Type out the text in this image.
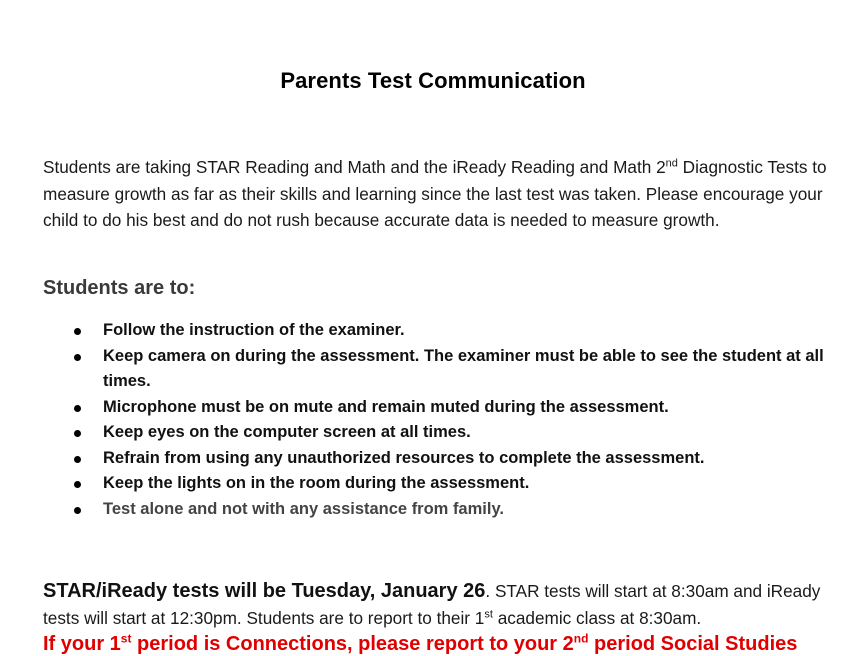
Parents Test Communication

Students are taking STAR Reading and Math and the iReady Reading and Math 2nd Diagnostic Tests to measure growth as far as their skills and learning since the last test was taken. Please encourage your child to do his best and do not rush because accurate data is needed to measure growth.

Students are to:
Follow the instruction of the examiner.
Keep camera on during the assessment. The examiner must be able to see the student at all times.
Microphone must be on mute and remain muted during the assessment.
Keep eyes on the computer screen at all times.
Refrain from using any unauthorized resources to complete the assessment.
Keep the lights on in the room during the assessment.
Test alone and not with any assistance from family.

STAR/iReady tests will be Tuesday, January 26. STAR tests will start at 8:30am and iReady tests will start at 12:30pm. Students are to report to their 1st academic class at 8:30am.

If your 1st period is Connections, please report to your 2nd period Social Studies
